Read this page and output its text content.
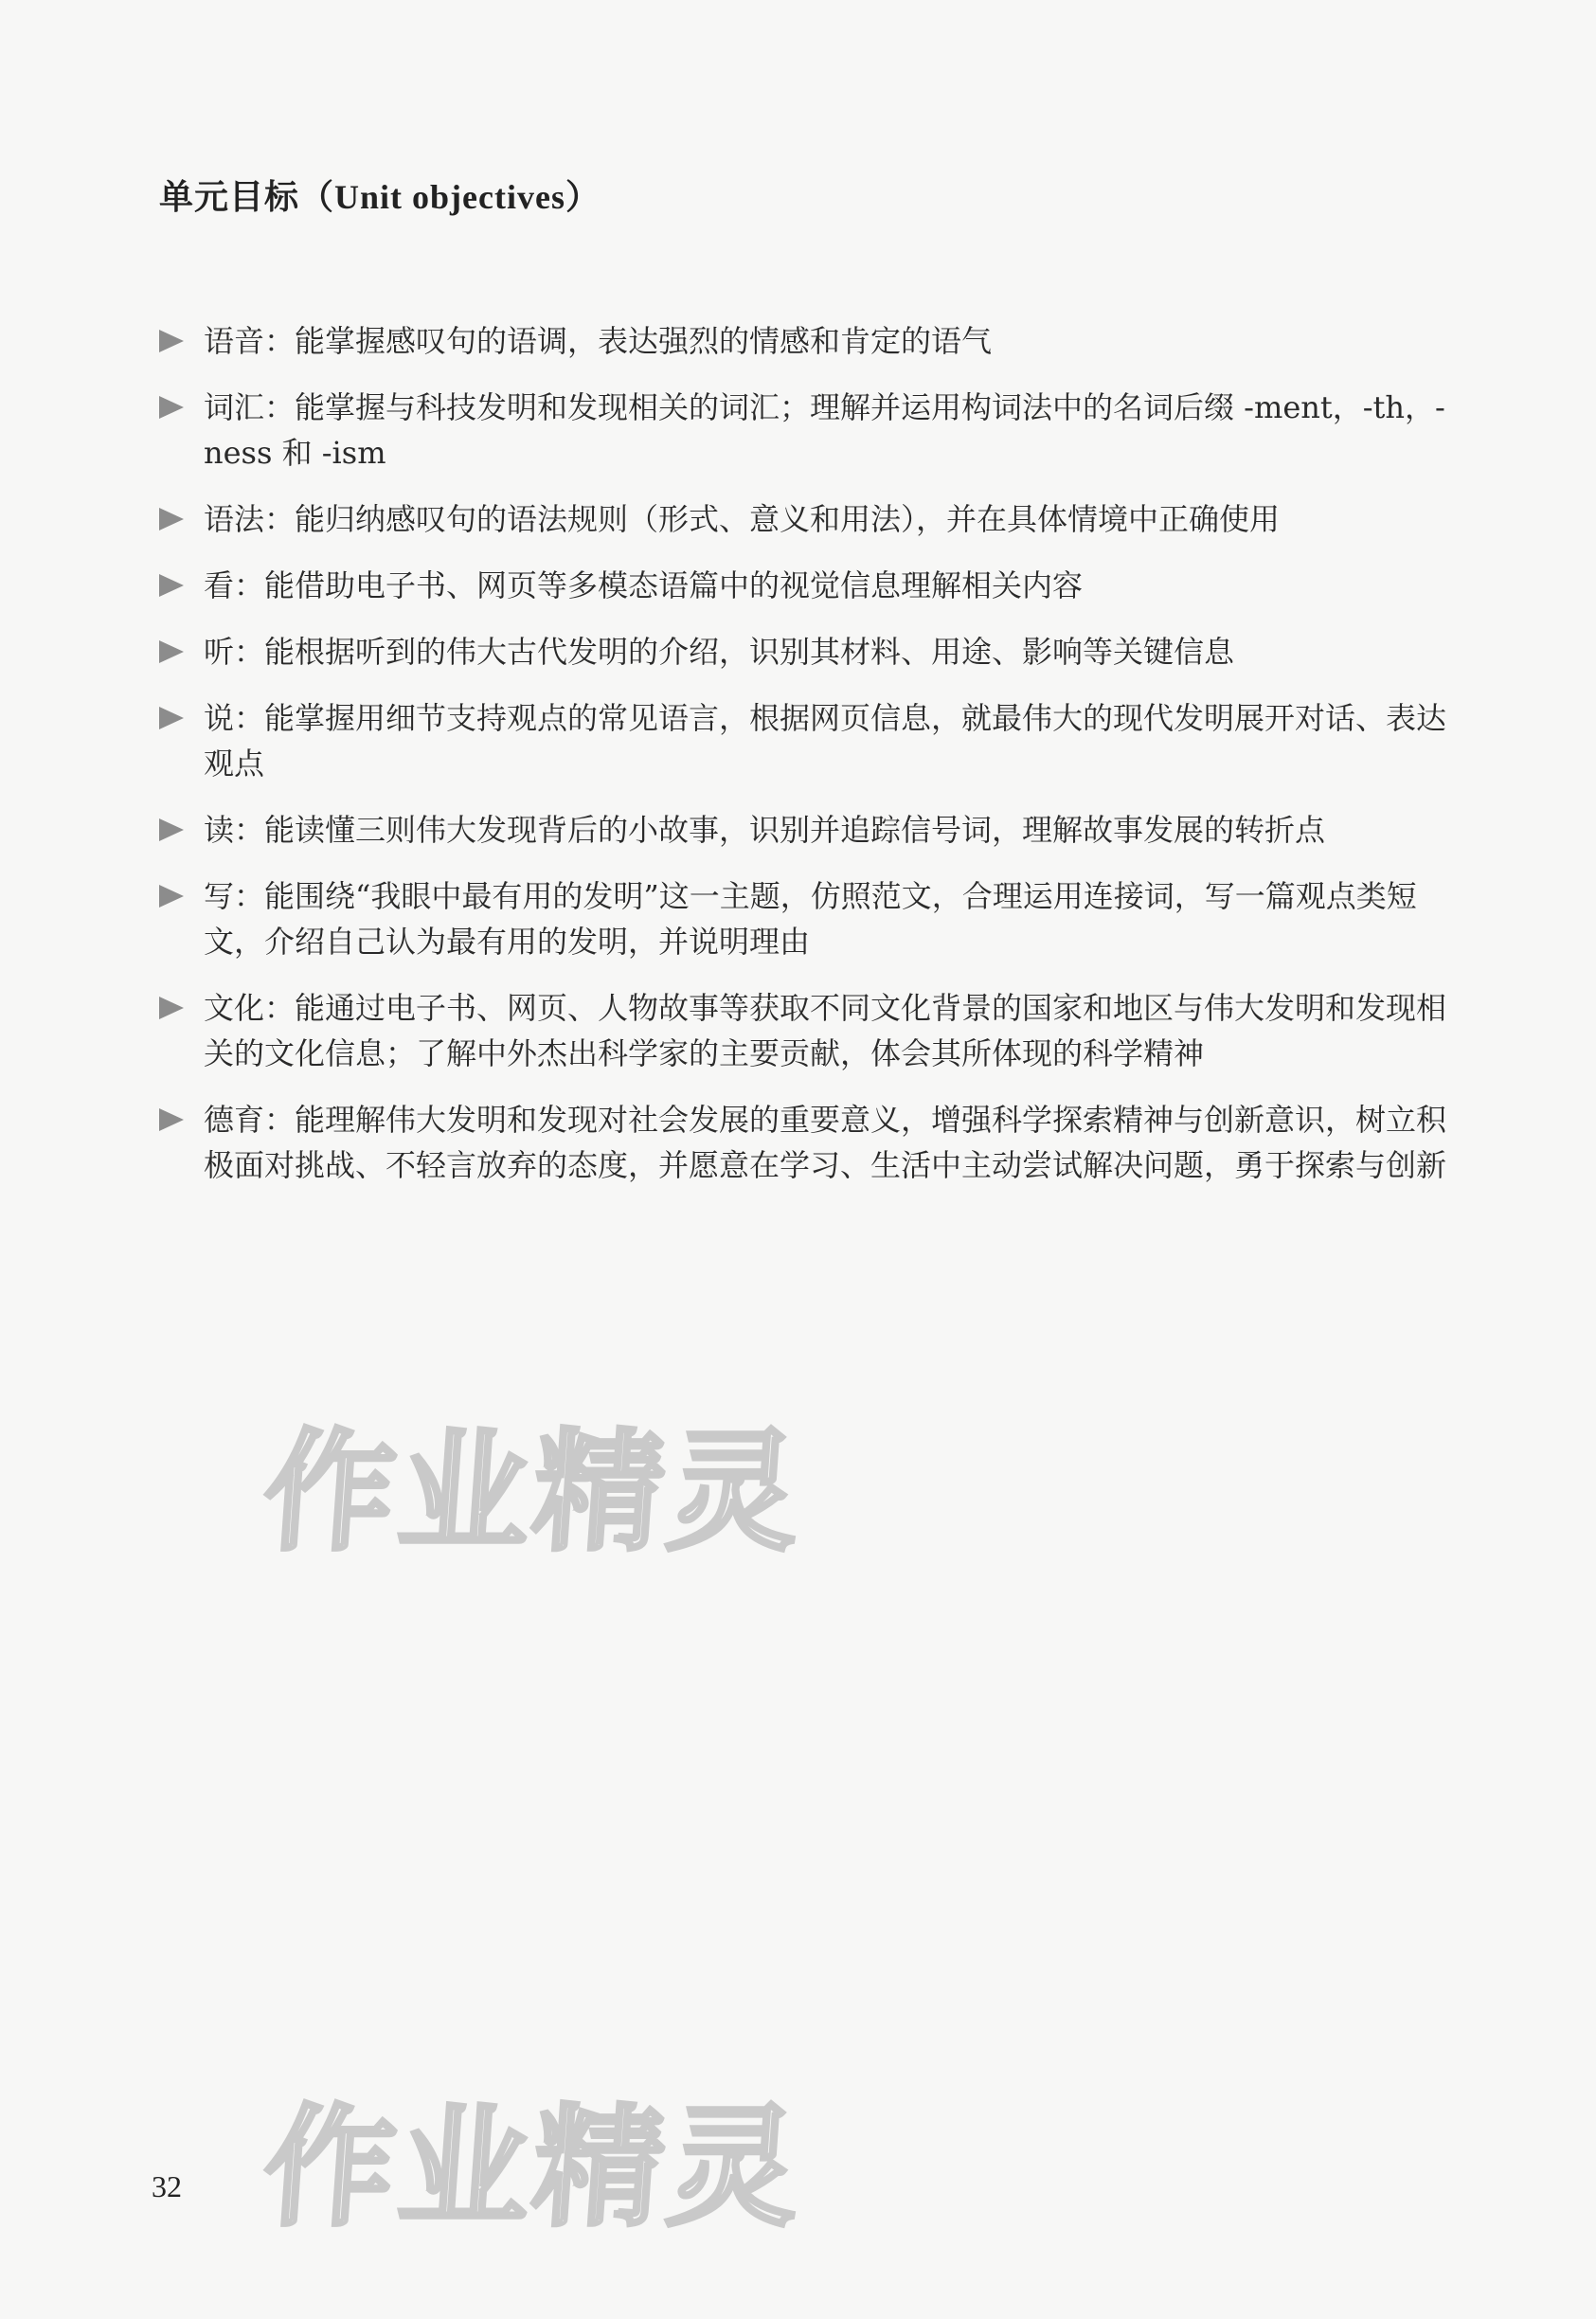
单元目标（Unit objectives）
语音：能掌握感叹句的语调，表达强烈的情感和肯定的语气
词汇：能掌握与科技发明和发现相关的词汇；理解并运用构词法中的名词后缀 -ment，-th，-ness 和 -ism
语法：能归纳感叹句的语法规则（形式、意义和用法），并在具体情境中正确使用
看：能借助电子书、网页等多模态语篇中的视觉信息理解相关内容
听：能根据听到的伟大古代发明的介绍，识别其材料、用途、影响等关键信息
说：能掌握用细节支持观点的常见语言，根据网页信息，就最伟大的现代发明展开对话、表达观点
读：能读懂三则伟大发现背后的小故事，识别并追踪信号词，理解故事发展的转折点
写：能围绕“我眼中最有用的发明”这一主题，仿照范文，合理运用连接词，写一篇观点类短文，介绍自己认为最有用的发明，并说明理由
文化：能通过电子书、网页、人物故事等获取不同文化背景的国家和地区与伟大发明和发现相关的文化信息；了解中外杰出科学家的主要贡献，体会其所体现的科学精神
德育：能理解伟大发明和发现对社会发展的重要意义，增强科学探索精神与创新意识，树立积极面对挑战、不轻言放弃的态度，并愿意在学习、生活中主动尝试解决问题，勇于探索与创新
作业精灵
作业精灵
32
